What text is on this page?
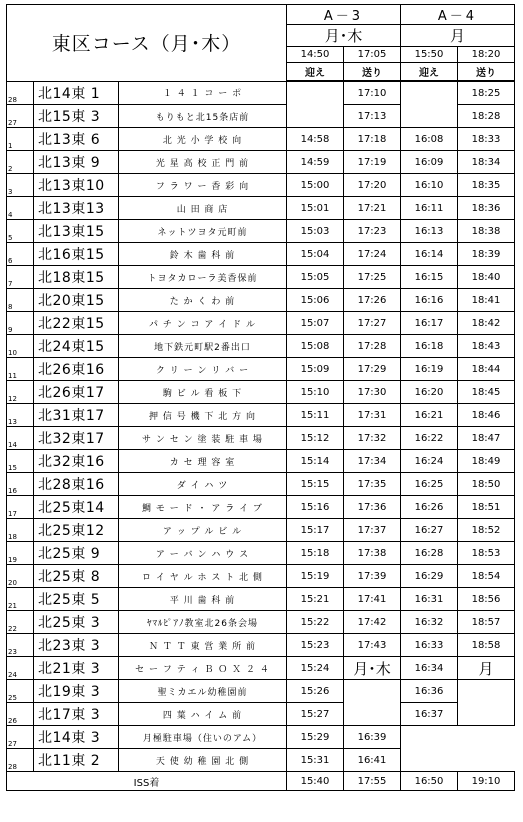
東区コース（月･木）			A－3		A－4	
			月･木		月	
			14:50	17:05	15:50	18:20
			迎え	送り	迎え	送り
28	北14東 1	１ ４ １ コ ー ポ		17:10		18:25
27	北15東 3	もりもと北15条店前		17:13		18:28
1	北13東 6	北 光 小 学 校 向	14:58	17:18	16:08	18:33
2	北13東 9	光 星 高 校 正 門 前	14:59	17:19	16:09	18:34
3	北13東10	フ ラ ワ ー 香 彩 向	15:00	17:20	16:10	18:35
4	北13東13	山 田 商 店	15:01	17:21	16:11	18:36
5	北13東15	ネットツヨタ元町前	15:03	17:23	16:13	18:38
6	北16東15	鈴 木 歯 科 前	15:04	17:24	16:14	18:39
7	北18東15	トヨタカローラ美香保前	15:05	17:25	16:15	18:40
8	北20東15	た か く わ 前	15:06	17:26	16:16	18:41
9	北22東15	パ チ ン コ ア イ ド ル	15:07	17:27	16:17	18:42
10	北24東15	地下鉄元町駅2番出口	15:08	17:28	16:18	18:43
11	北26東16	ク リ ー ン リ バ ー	15:09	17:29	16:19	18:44
12	北26東17	駒 ビ ル 看 板 下	15:10	17:30	16:20	18:45
13	北31東17	押 信 号 機 下 北 方 向	15:11	17:31	16:21	18:46
14	北32東17	サ ン セ ン 塗 装 駐 車 場	15:12	17:32	16:22	18:47
15	北32東16	カ セ 理 容 室	15:14	17:34	16:24	18:49
16	北28東16	ダ イ ハ ツ	15:15	17:35	16:25	18:50
17	北25東14	鯛 モ ー ド ・ ア ラ イ ブ	15:16	17:36	16:26	18:51
18	北25東12	ア ッ プ ル ビ ル	15:17	17:37	16:27	18:52
19	北25東 9	ア ー バ ン ハ ウ ス	15:18	17:38	16:28	18:53
20	北25東 8	ロ イ ヤ ル ホ ス ト 北 側	15:19	17:39	16:29	18:54
21	北25東 5	平 川 歯 科 前	15:21	17:41	16:31	18:56
22	北25東 3	ﾔﾏﾙﾋﾟｱﾉ教室北26条会場	15:22	17:42	16:32	18:57
23	北23東 3	Ｎ Ｔ Ｔ 東 営 業 所 前	15:23	17:43	16:33	18:58
24	北21東 3	セ ー フ テ ィ Ｂ Ｏ Ｘ ２ ４	15:24	月･木	16:34	月
25	北19東 3	聖ミカエル幼稚園前	15:26		16:36	
26	北17東 3	四 葉 ハ イ ム 前	15:27		16:37	
27	北14東 3	月極駐車場（住いのアム）	15:29	16:39		
28	北11東 2	天 使 幼 稚 園 北 側	15:31	16:41		
ISS着			15:40	17:55	16:50	19:10
